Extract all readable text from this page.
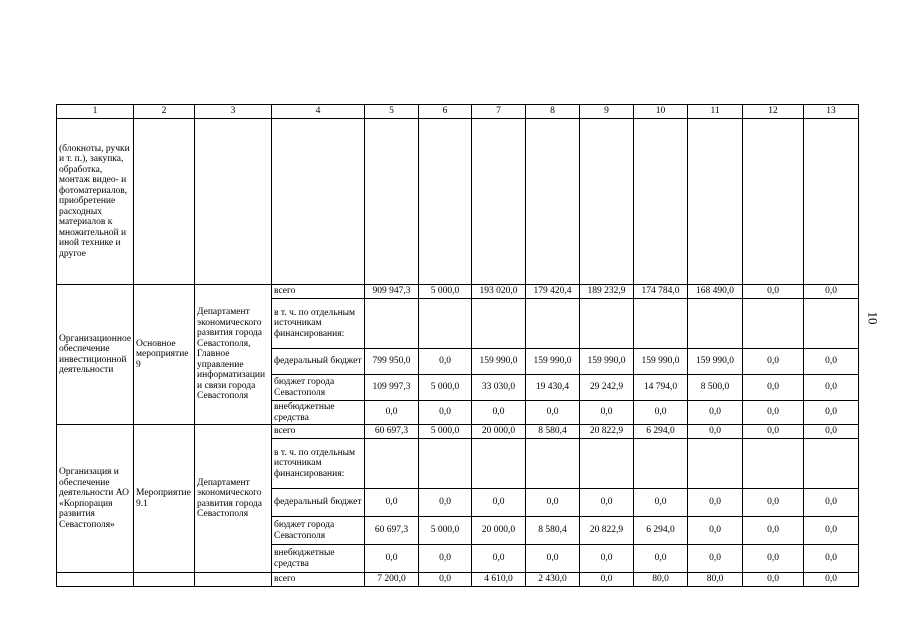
10
1	2	3	4	5	6	7	8	9	10	11	12	13
(блокноты, ручки и т. п.), закупка, обработка, монтаж видео- и фотоматериалов, приобретение расходных материалов к множительной и иной технике и другое												
Организационное обеспечение инвестиционной деятельности	Основное мероприятие 9	Департамент экономического развития города Севастополя, Главное управление информатизации и связи города Севастополя	всего	909 947,3	5 000,0	193 020,0	179 420,4	189 232,9	174 784,0	168 490,0	0,0	0,0
			в т. ч. по отдельным источникам финансирования:									
			федеральный бюджет	799 950,0	0,0	159 990,0	159 990,0	159 990,0	159 990,0	159 990,0	0,0	0,0
			бюджет города Севастополя	109 997,3	5 000,0	33 030,0	19 430,4	29 242,9	14 794,0	8 500,0	0,0	0,0
			внебюджетные средства	0,0	0,0	0,0	0,0	0,0	0,0	0,0	0,0	0,0
Организация и обеспечение деятельности АО «Корпорация развития Севастополя»	Мероприятие 9.1	Департамент экономического развития города Севастополя	всего	60 697,3	5 000,0	20 000,0	8 580,4	20 822,9	6 294,0	0,0	0,0	0,0
			в т. ч. по отдельным источникам финансирования:									
			федеральный бюджет	0,0	0,0	0,0	0,0	0,0	0,0	0,0	0,0	0,0
			бюджет города Севастополя	60 697,3	5 000,0	20 000,0	8 580,4	20 822,9	6 294,0	0,0	0,0	0,0
			внебюджетные средства	0,0	0,0	0,0	0,0	0,0	0,0	0,0	0,0	0,0
			всего	7 200,0	0,0	4 610,0	2 430,0	0,0	80,0	80,0	0,0	0,0
